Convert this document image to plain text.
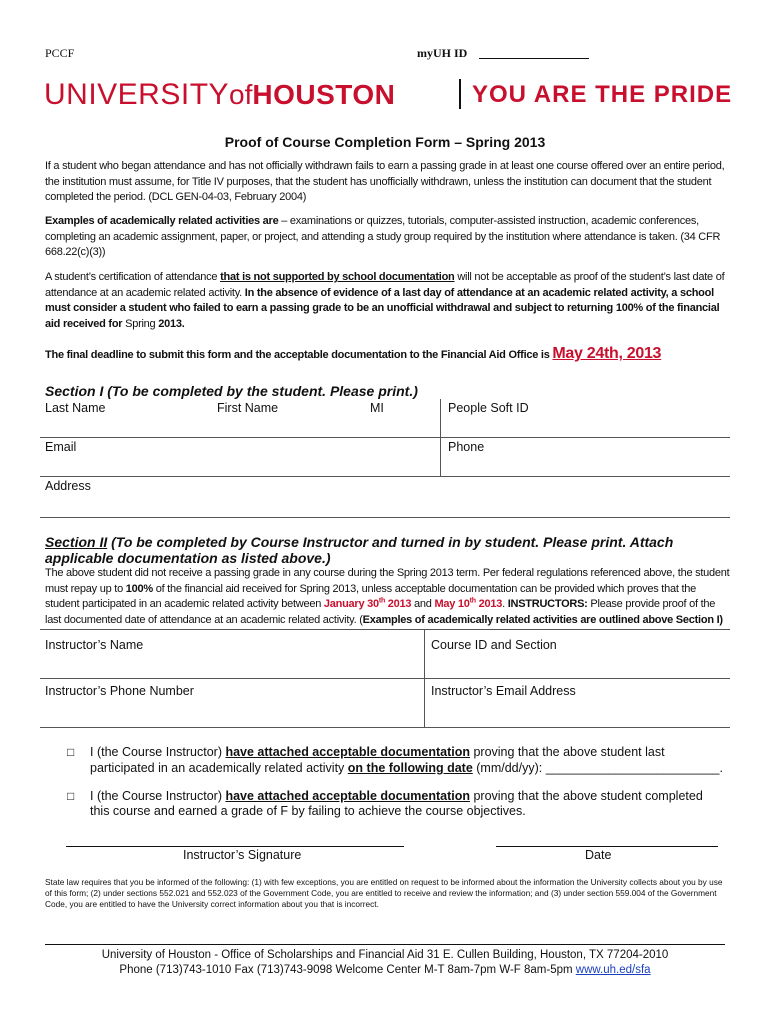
PCCF	myUH ID
UNIVERSITYofHOUSTON	YOU ARE THE PRIDE
Proof of Course Completion Form – Spring 2013
If a student who began attendance and has not officially withdrawn fails to earn a passing grade in at least one course offered over an entire period, the institution must assume, for Title IV purposes, that the student has unofficially withdrawn, unless the institution can document that the student completed the period. (DCL GEN-04-03, February 2004)
Examples of academically related activities are – examinations or quizzes, tutorials, computer-assisted instruction, academic conferences, completing an academic assignment, paper, or project, and attending a study group required by the institution where attendance is taken. (34 CFR 668.22(c)(3))
A student’s certification of attendance that is not supported by school documentation will not be acceptable as proof of the student’s last date of attendance at an academic related activity. In the absence of evidence of a last day of attendance at an academic related activity, a school must consider a student who failed to earn a passing grade to be an unofficial withdrawal and subject to returning 100% of the financial aid received for Spring 2013.
The final deadline to submit this form and the acceptable documentation to the Financial Aid Office is May 24th, 2013
Section I (To be completed by the student. Please print.)
Last Name	First Name	MI	People Soft ID
Email	Phone
Address
Section II (To be completed by Course Instructor and turned in by student. Please print. Attach
applicable documentation as listed above.)
The above student did not receive a passing grade in any course during the Spring 2013 term. Per federal regulations referenced above, the student must repay up to 100% of the financial aid received for Spring 2013, unless acceptable documentation can be provided which proves that the student participated in an academic related activity between January 30th 2013 and May 10th 2013. INSTRUCTORS: Please provide proof of the last documented date of attendance at an academic related activity. (Examples of academically related activities are outlined above Section I)
Instructor’s Name	Course ID and Section
Instructor’s Phone Number	Instructor’s Email Address
□ I (the Course Instructor) have attached acceptable documentation proving that the above student last
participated in an academically related activity on the following date (mm/dd/yy): _________________________.
□ I (the Course Instructor) have attached acceptable documentation proving that the above student completed
this course and earned a grade of F by failing to achieve the course objectives.
Instructor’s Signature	Date
State law requires that you be informed of the following: (1) with few exceptions, you are entitled on request to be informed about the information the University collects about you by use of this form; (2) under sections 552.021 and 552.023 of the Government Code, you are entitled to receive and review the information; and (3) under section 559.004 of the Government Code, you are entitled to have the University correct information about you that is incorrect.
University of Houston - Office of Scholarships and Financial Aid 31 E. Cullen Building, Houston, TX 77204-2010
Phone (713)743-1010 Fax (713)743-9098 Welcome Center M-T 8am-7pm W-F 8am-5pm www.uh.ed/sfa
